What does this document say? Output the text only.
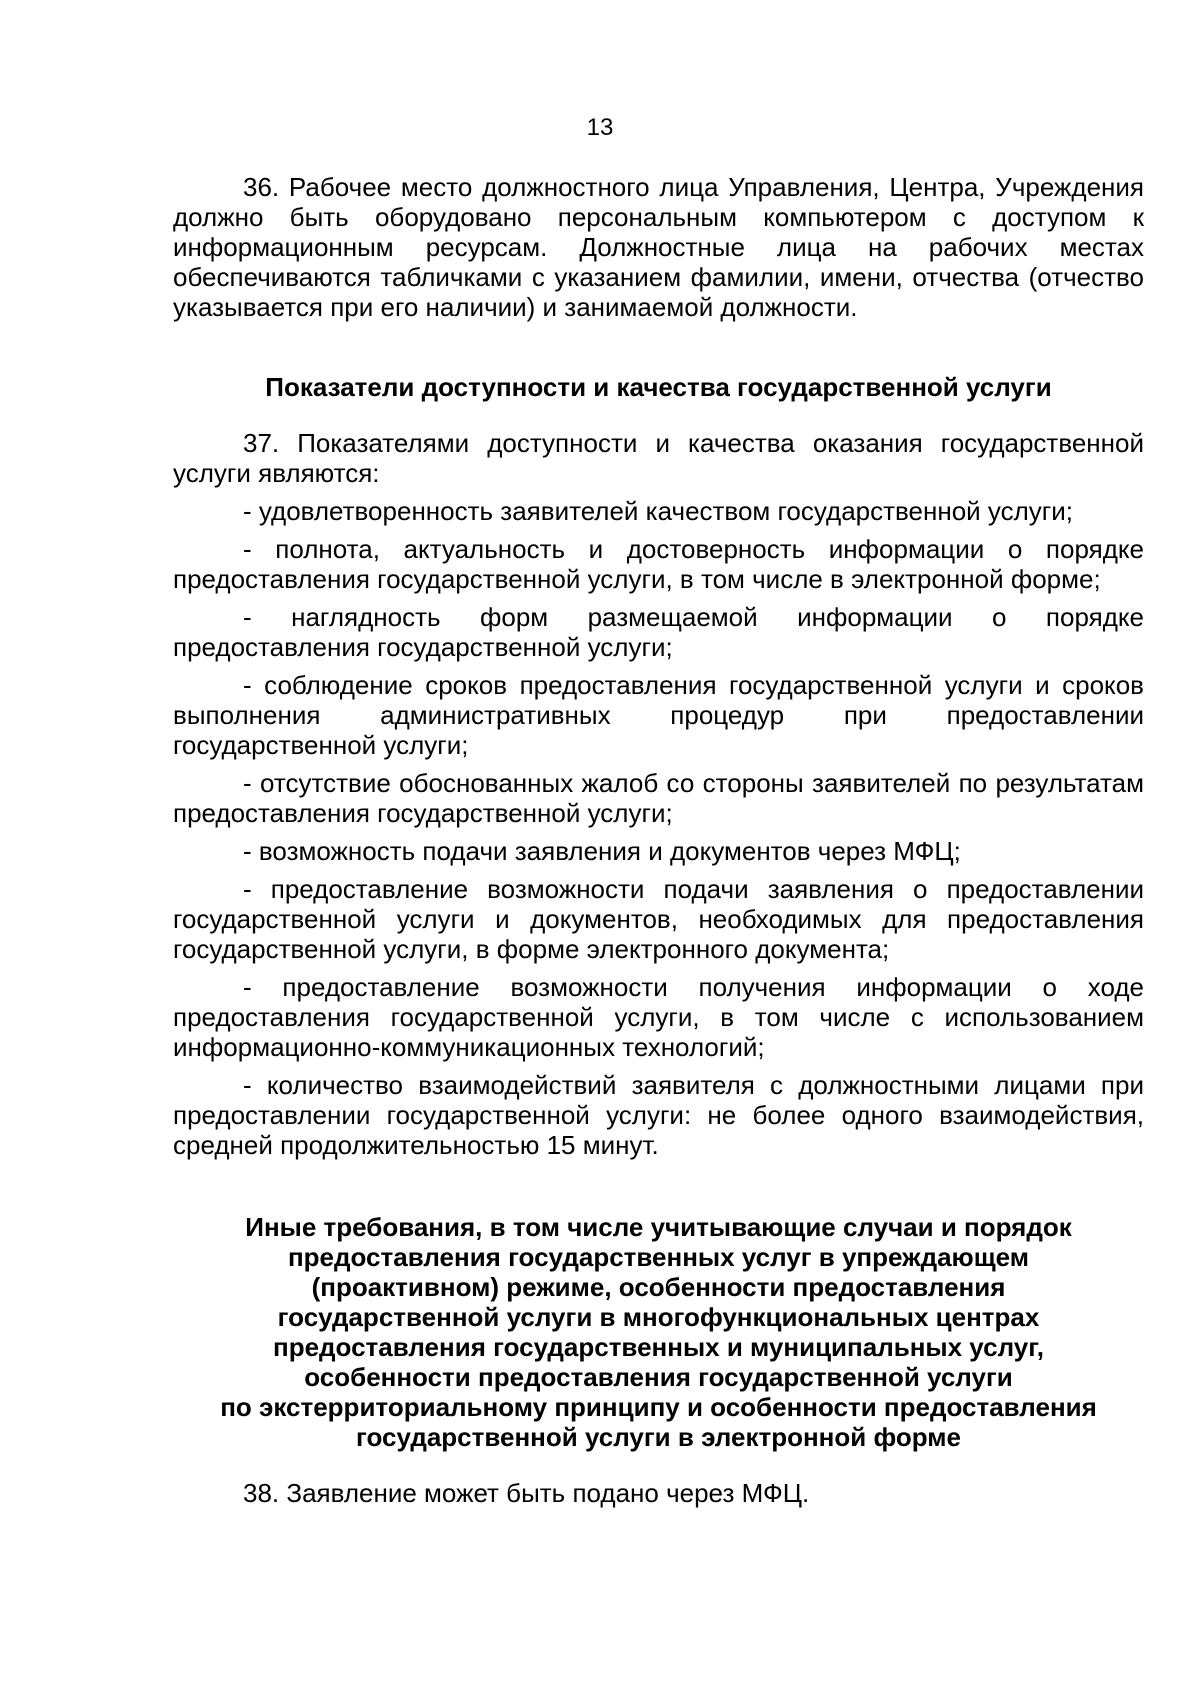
13

36. Рабочее место должностного лица Управления, Центра, Учреждения должно быть оборудовано персональным компьютером с доступом к информационным ресурсам. Должностные лица на рабочих местах обеспечиваются табличками с указанием фамилии, имени, отчества (отчество указывается при его наличии) и занимаемой должности.

Показатели доступности и качества государственной услуги

37. Показателями доступности и качества оказания государственной услуги являются:

- удовлетворенность заявителей качеством государственной услуги;

- полнота, актуальность и достоверность информации о порядке предоставления государственной услуги, в том числе в электронной форме;

- наглядность форм размещаемой информации о порядке предоставления государственной услуги;

- соблюдение сроков предоставления государственной услуги и сроков выполнения административных процедур при предоставлении государственной услуги;

- отсутствие обоснованных жалоб со стороны заявителей по результатам предоставления государственной услуги;

- возможность подачи заявления и документов через МФЦ;

- предоставление возможности подачи заявления о предоставлении государственной услуги и документов, необходимых для предоставления государственной услуги, в форме электронного документа;

- предоставление возможности получения информации о ходе предоставления государственной услуги, в том числе с использованием информационно-коммуникационных технологий;

- количество взаимодействий заявителя с должностными лицами при предоставлении государственной услуги: не более одного взаимодействия, средней продолжительностью 15 минут.

Иные требования, в том числе учитывающие случаи и порядок
предоставления государственных услуг в упреждающем
(проактивном) режиме, особенности предоставления
государственной услуги в многофункциональных центрах
предоставления государственных и муниципальных услуг,
особенности предоставления государственной услуги
по экстерриториальному принципу и особенности предоставления
государственной услуги в электронной форме

38. Заявление может быть подано через МФЦ.
